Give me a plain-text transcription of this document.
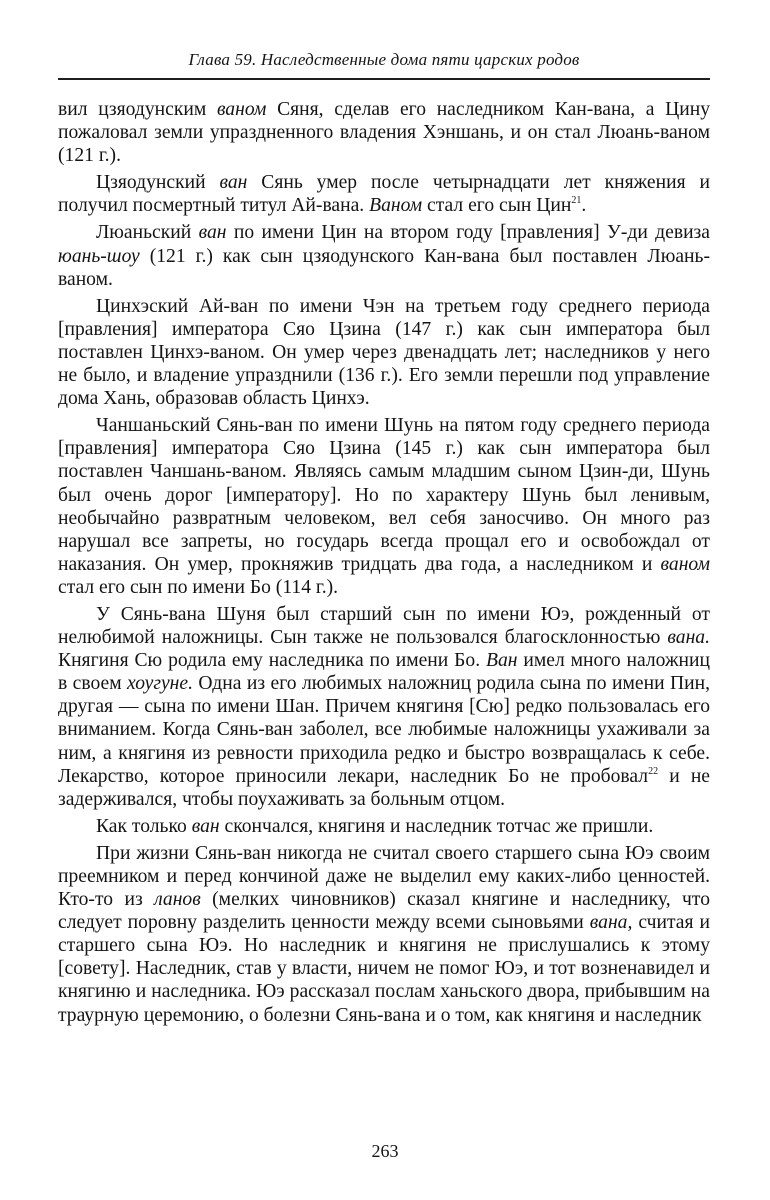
Глава 59. Наследственные дома пяти царских родов

вил цзяодунским ваном Сяня, сделав его наследником Кан-вана, а Цину пожаловал земли упраздненного владения Хэншань, и он стал Люань-ваном (121 г.).

Цзяодунский ван Сянь умер после четырнадцати лет княжения и получил посмертный титул Ай-вана. Ваном стал его сын Цин$^{21}$.

Люаньский ван по имени Цин на втором году [правления] У-ди девиза юань-шоу (121 г.) как сын цзяодунского Кан-вана был поставлен Люань-ваном.

Цинхэский Ай-ван по имени Чэн на третьем году среднего периода [правления] императора Сяо Цзина (147 г.) как сын императора был поставлен Цинхэ-ваном. Он умер через двенадцать лет; наследников у него не было, и владение упразднили (136 г.). Его земли перешли под управление дома Хань, образовав область Цинхэ.

Чаншаньский Сянь-ван по имени Шунь на пятом году среднего периода [правления] императора Сяо Цзина (145 г.) как сын императора был поставлен Чаншань-ваном. Являясь самым младшим сыном Цзин-ди, Шунь был очень дорог [императору]. Но по характеру Шунь был ленивым, необычайно развратным человеком, вел себя заносчиво. Он много раз нарушал все запреты, но государь всегда прощал его и освобождал от наказания. Он умер, прокняжив тридцать два года, а наследником и ваном стал его сын по имени Бо (114 г.).

У Сянь-вана Шуня был старший сын по имени Юэ, рожденный от нелюбимой наложницы. Сын также не пользовался благосклонностью вана. Княгиня Сю родила ему наследника по имени Бо. Ван имел много наложниц в своем хоугуне. Одна из его любимых наложниц родила сына по имени Пин, другая — сына по имени Шан. Причем княгиня [Сю] редко пользовалась его вниманием. Когда Сянь-ван заболел, все любимые наложницы ухаживали за ним, а княгиня из ревности приходила редко и быстро возвращалась к себе. Лекарство, которое приносили лекари, наследник Бо не пробовал$^{22}$ и не задерживался, чтобы поухаживать за больным отцом.

Как только ван скончался, княгиня и наследник тотчас же пришли.

При жизни Сянь-ван никогда не считал своего старшего сына Юэ своим преемником и перед кончиной даже не выделил ему каких-либо ценностей. Кто-то из ланов (мелких чиновников) сказал княгине и наследнику, что следует поровну разделить ценности между всеми сыновьями вана, считая и старшего сына Юэ. Но наследник и княгиня не прислушались к этому [совету]. Наследник, став у власти, ничем не помог Юэ, и тот возненавидел и княгиню и наследника. Юэ рассказал послам ханьского двора, прибывшим на траурную церемонию, о болезни Сянь-вана и о том, как княгиня и наследник

263
